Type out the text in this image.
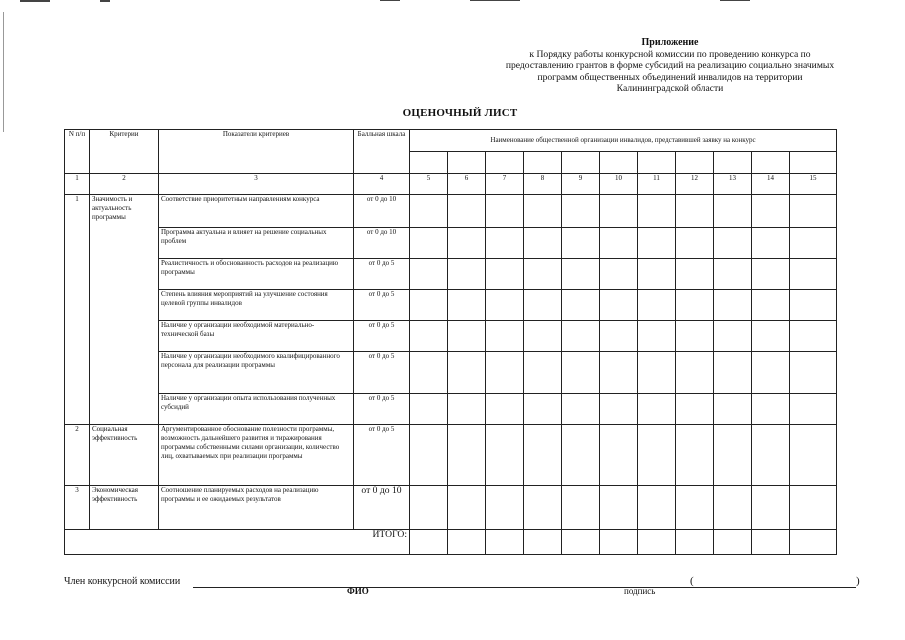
Приложение
к Порядку работы конкурсной комиссии по проведению конкурса по
предоставлению грантов в форме субсидий на реализацию социально значимых
программ общественных объединений инвалидов на территории
Калининградской области
ОЦЕНОЧНЫЙ ЛИСТ
N п/п	Критерии	Показатели критериев	Балльная шкала	Наименование общественной организации инвалидов, представившей заявку на конкурс										

1	2	3	4	5	6	7	8	9	10	11	12	13	14	15
1	Значимость и актуальность программы	Соответствие приоритетным направлениям конкурса	от 0 до 10											
		Программа актуальна и влияет на решение социальных проблем	от 0 до 10											
		Реалистичность и обоснованность расходов на реализацию программы	от 0 до 5											
		Степень влияния мероприятий на улучшение состояния целевой группы инвалидов	от 0 до 5											
		Наличие у организации необходимой материально-технической базы	от 0 до 5											
		Наличие у организации необходимого квалифицированного персонала для реализации программы	от 0 до 5											
		Наличие у организации опыта использования полученных субсидий	от 0 до 5											
2	Социальная эффективность	Аргументированное обоснование полезности программы, возможность дальнейшего развития и тиражирования программы собственными силами организации, количество лиц, охватываемых при реализации программы	от 0 до 5											
3	Экономическая эффективность	Соотношение планируемых расходов на реализацию программы и ее ожидаемых результатов	от 0 до 10											
ИТОГО:														
Член конкурсной комиссии	(	)
ФИО	подпись
